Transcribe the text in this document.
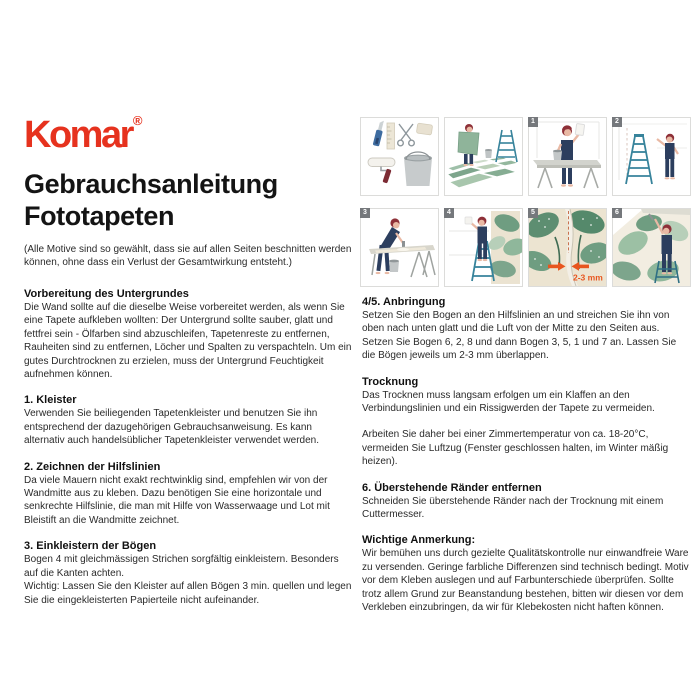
Komar®
Gebrauchsanleitung
Fototapeten
(Alle Motive sind so gewählt, dass sie auf allen Seiten beschnitten werden können, ohne dass ein Verlust der Gesamtwirkung entsteht.)
1	2
3	4	5
2-3 mm
6
Vorbereitung des Untergrundes

Die Wand sollte auf die dieselbe Weise vorbereitet werden, als wenn Sie eine Tapete aufkleben wollten: Der Untergrund sollte sauber, glatt und fettfrei sein - Ölfarben sind abzuschleifen, Tapetenreste zu entfernen, Rauheiten sind zu entfernen, Löcher und Spalten zu verspachteln. Um ein gutes Durchtrocknen zu erzielen, muss der Untergrund Feuchtigkeit aufnehmen können.

1. Kleister

Verwenden Sie beiliegenden Tapetenkleister und benutzen Sie ihn entsprechend der dazugehörigen Gebrauchsanweisung. Es kann alternativ auch handelsüblicher Tapetenkleister verwendet werden.

2. Zeichnen der Hilfslinien

Da viele Mauern nicht exakt rechtwinklig sind, empfehlen wir von der Wandmitte aus zu kleben. Dazu benötigen Sie eine horizontale und senkrechte Hilfslinie, die man mit Hilfe von Wasserwaage und Lot mit Bleistift an die Wandmitte zeichnet.

3. Einkleistern der Bögen

Bogen 4 mit gleichmässigen Strichen sorgfältig einkleistern. Besonders auf die Kanten achten.

Wichtig: Lassen Sie den Kleister auf allen Bögen 3 min. quellen und legen Sie die eingekleisterten Papierteile nicht aufeinander.

4/5. Anbringung

Setzen Sie den Bogen an den Hilfslinien an und streichen Sie ihn von oben nach unten glatt und die Luft von der Mitte zu den Seiten aus. Setzen Sie Bogen 6, 2, 8 und dann Bogen 3, 5, 1 und 7 an. Lassen Sie die Bögen jeweils um 2-3 mm überlappen.

Trocknung

Das Trocknen muss langsam erfolgen um ein Klaffen an den Verbindungslinien und ein Rissigwerden der Tapete zu vermeiden.

Arbeiten Sie daher bei einer Zimmertemperatur von ca. 18-20°C, vermeiden Sie Luftzug (Fenster geschlossen halten, im Winter mäßig heizen).

6. Überstehende Ränder entfernen

Schneiden Sie überstehende Ränder nach der Trocknung mit einem Cuttermesser.

Wichtige Anmerkung:

Wir bemühen uns durch gezielte Qualitätskontrolle nur einwandfreie Ware zu versenden. Geringe farbliche Differenzen sind technisch bedingt. Motiv vor dem Kleben auslegen und auf Farbunterschiede überprüfen. Sollte trotz allem Grund zur Beanstandung bestehen, bitten wir diesen vor dem Verkleben einzubringen, da wir für Klebekosten nicht haften können.
